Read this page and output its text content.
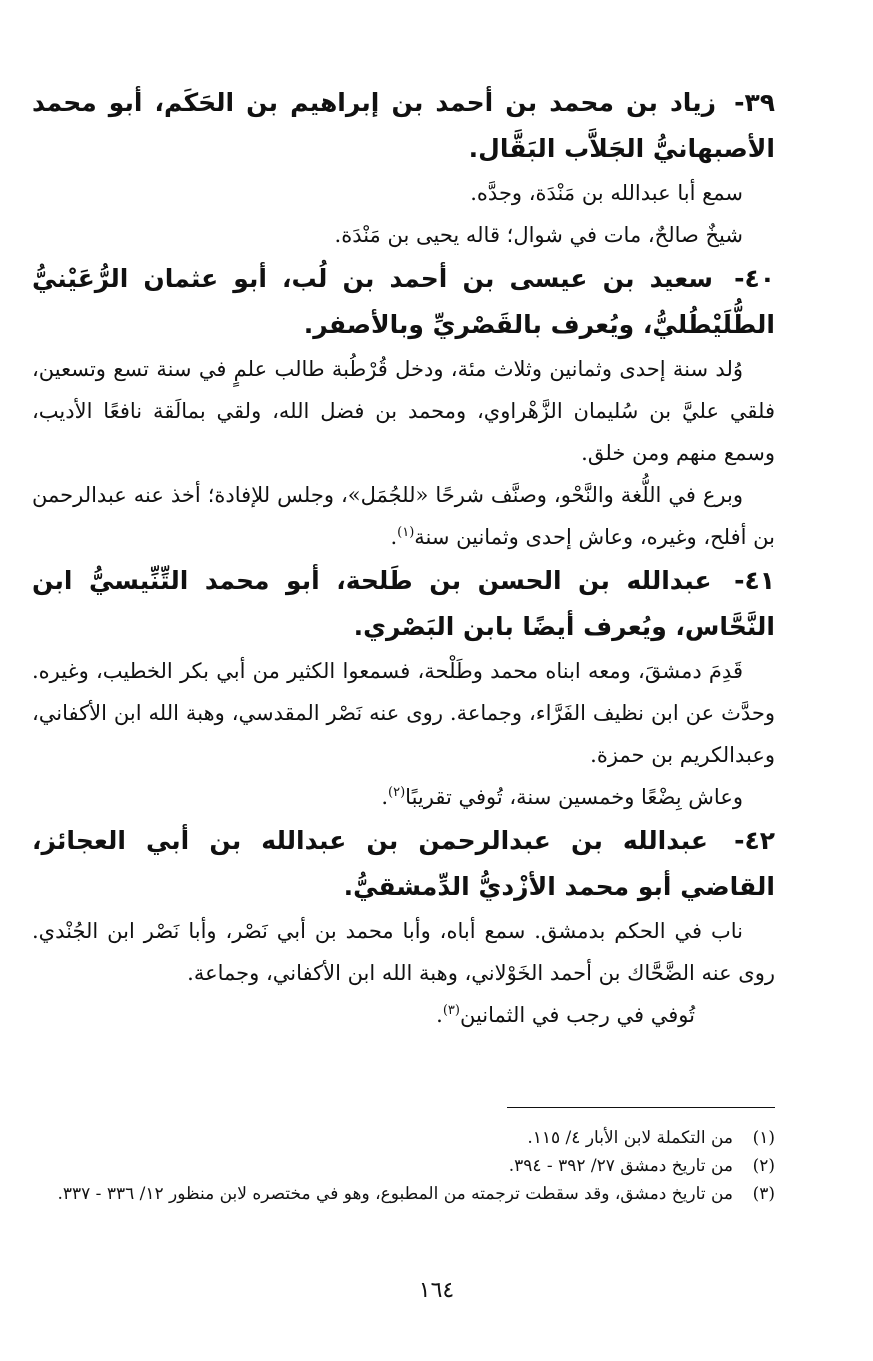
٣٩- زياد بن محمد بن أحمد بن إبراهيم بن الحَكَم، أبو محمد الأصبهانيُّ الجَلاَّب البَقَّال.

سمع أبا عبدالله بن مَنْدَة، وجدَّه.

شيخٌ صالحٌ، مات في شوال؛ قاله يحيى بن مَنْدَة.

٤٠- سعيد بن عيسى بن أحمد بن لُب، أبو عثمان الرُّعَيْنيُّ الطُّلَيْطُليُّ، ويُعرف بالقَصْريِّ وبالأصفر.

وُلد سنة إحدى وثمانين وثلاث مئة، ودخل قُرْطُبة طالب علمٍ في سنة تسع وتسعين، فلقي عليَّ بن سُليمان الزَّهْراوي، ومحمد بن فضل الله، ولقي بمالَقة نافعًا الأديب، وسمع منهم ومن خلق.

وبرع في اللُّغة والنَّحْو، وصنَّف شرحًا «للجُمَل»، وجلس للإفادة؛ أخذ عنه عبدالرحمن بن أفلح، وغيره، وعاش إحدى وثمانين سنة$^{(١)}$.

٤١- عبدالله بن الحسن بن طَلحة، أبو محمد التِّنِّيسيُّ ابن النَّحَّاس، ويُعرف أيضًا بابن البَصْري.

قَدِمَ دمشقَ، ومعه ابناه محمد وطَلْحة، فسمعوا الكثير من أبي بكر الخطيب، وغيره. وحدَّث عن ابن نظيف الفَرَّاء، وجماعة. روى عنه نَصْر المقدسي، وهبة الله ابن الأكفاني، وعبدالكريم بن حمزة.

وعاش بِضْعًا وخمسين سنة، تُوفي تقريبًا$^{(٢)}$.

٤٢- عبدالله بن عبدالرحمن بن عبدالله بن أبي العجائز، القاضي أبو محمد الأزْديُّ الدِّمشقيُّ.

ناب في الحكم بدمشق. سمع أباه، وأبا محمد بن أبي نَصْر، وأبا نَصْر ابن الجُنْدي. روى عنه الضَّحَّاك بن أحمد الخَوْلاني، وهبة الله ابن الأكفاني، وجماعة.

تُوفي في رجب في الثمانين$^{(٣)}$.

(١)
من التكملة لابن الأبار ٤/ ١١٥.
(٢)
من تاريخ دمشق ٢٧/ ٣٩٢ - ٣٩٤.
(٣)
من تاريخ دمشق، وقد سقطت ترجمته من المطبوع، وهو في مختصره لابن منظور ١٢/ ٣٣٦ - ٣٣٧.
١٦٤
